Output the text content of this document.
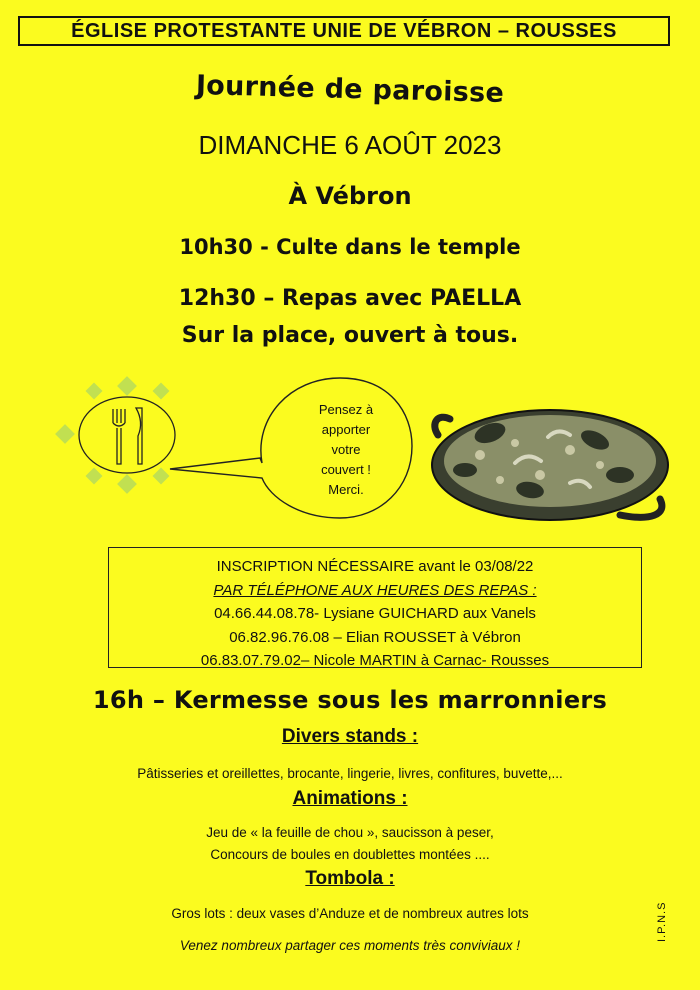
ÉGLISE PROTESTANTE UNIE DE VÉBRON – ROUSSES
Journée de paroisse
DIMANCHE 6 AOÛT 2023
À Vébron
10h30 - Culte dans le temple
12h30 – Repas avec PAELLA
Sur la place, ouvert à tous.
Pensez à
apporter
votre
couvert !
Merci.
INSCRIPTION NÉCESSAIRE avant le 03/08/22
PAR TÉLÉPHONE AUX HEURES DES REPAS :
04.66.44.08.78- Lysiane GUICHARD aux Vanels
06.82.96.76.08 – Elian ROUSSET à Vébron
06.83.07.79.02– Nicole MARTIN à Carnac- Rousses
16h – Kermesse sous les marronniers
Divers stands :
Pâtisseries et oreillettes, brocante, lingerie, livres, confitures, buvette,...
Animations :
Jeu de « la feuille de chou », saucisson à peser,
Concours de boules en doublettes montées ....
Tombola :
Gros lots : deux vases d’Anduze et de nombreux autres lots
Venez nombreux partager ces moments très conviviaux !
I.P.N.S
